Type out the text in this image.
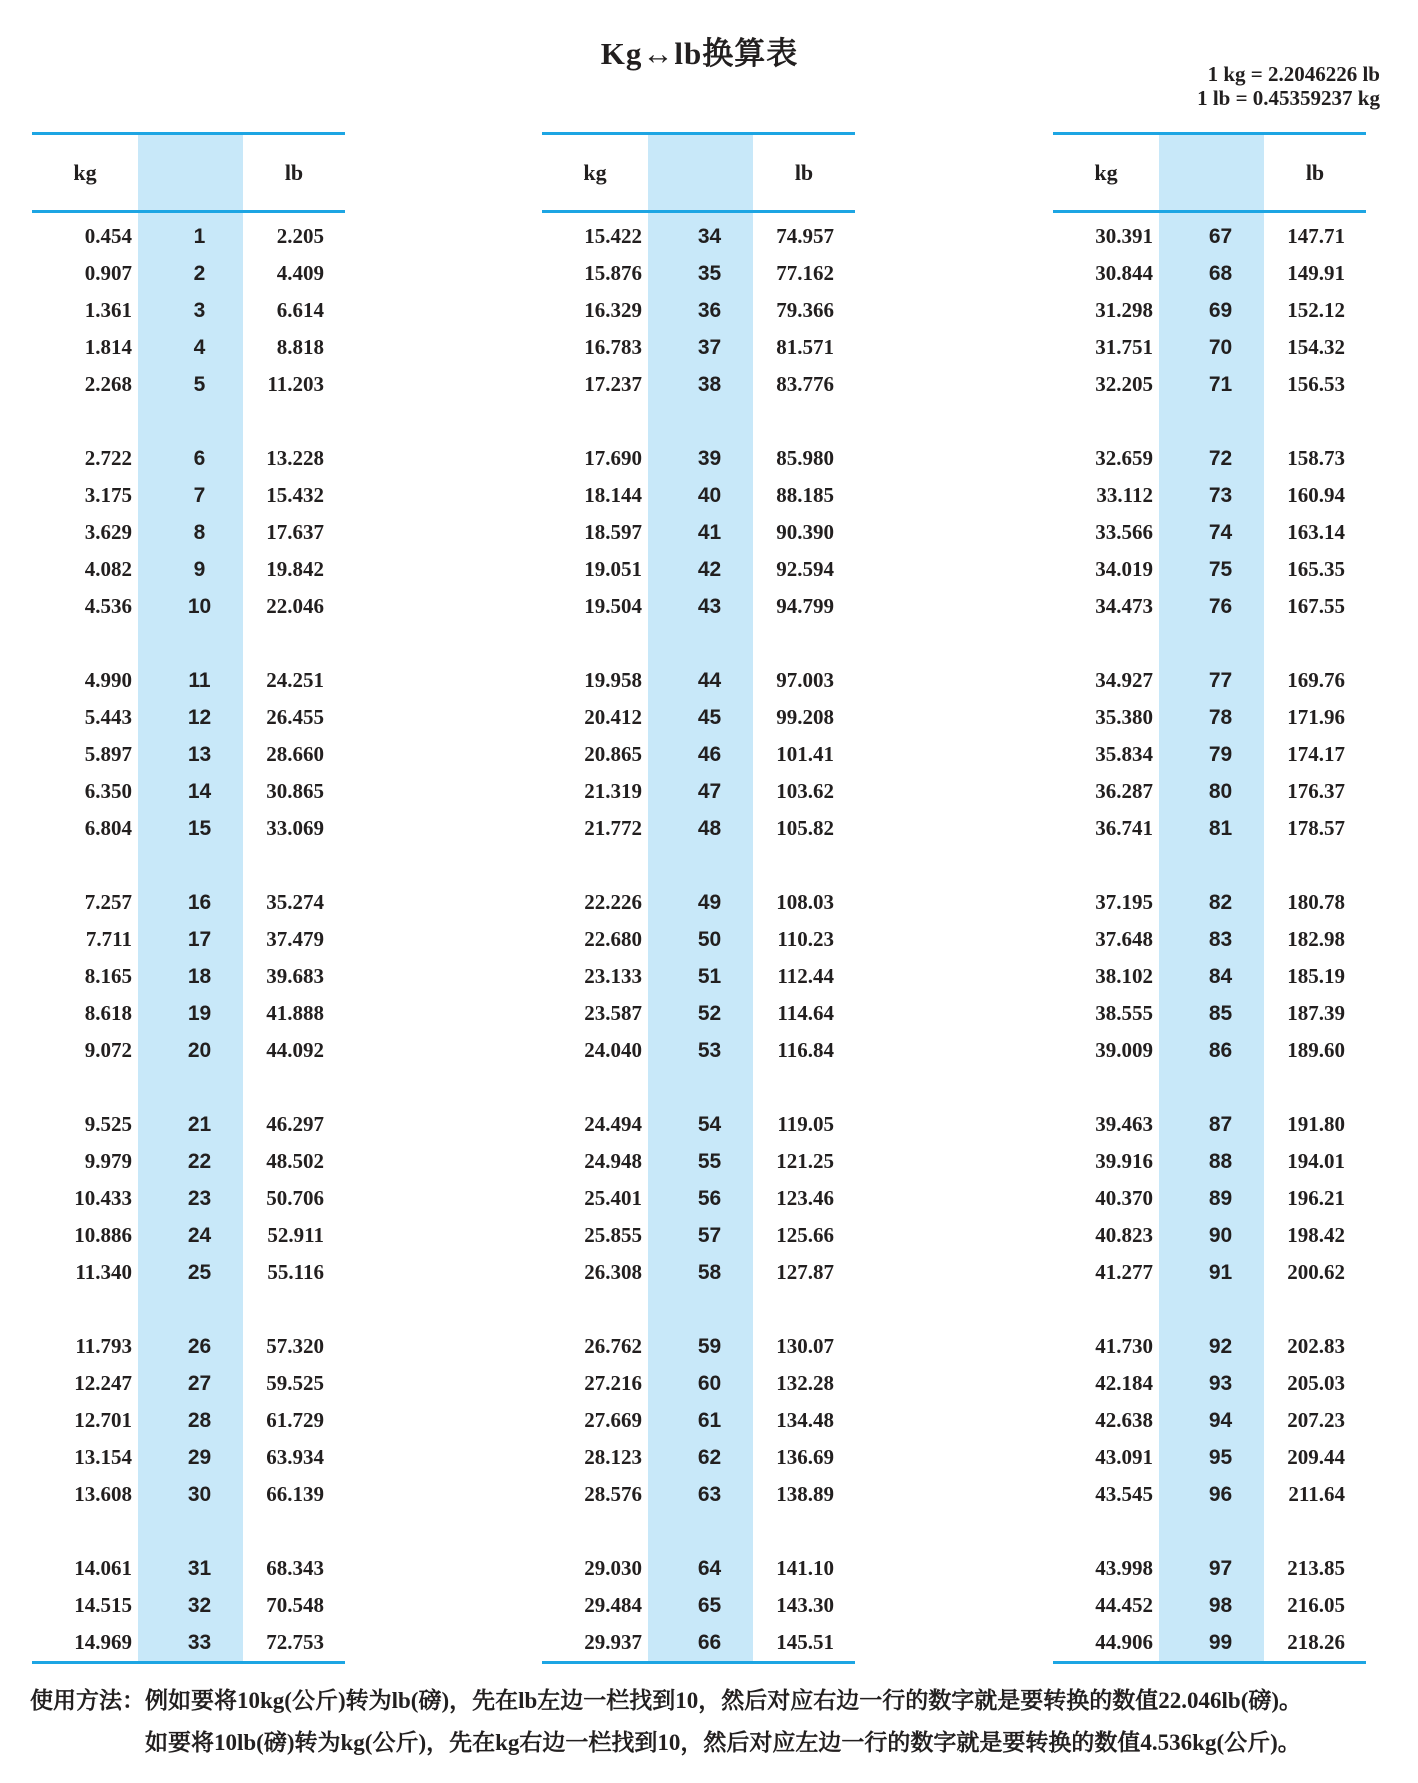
Kg↔lb换算表
1 kg = 2.2046226 lb
1 lb = 0.45359237 kg
kg	lb
0.454	1	2.205
0.907	2	4.409
1.361	3	6.614
1.814	4	8.818
2.268	5	11.203
2.722	6	13.228
3.175	7	15.432
3.629	8	17.637
4.082	9	19.842
4.536	10	22.046
4.990	11	24.251
5.443	12	26.455
5.897	13	28.660
6.350	14	30.865
6.804	15	33.069
7.257	16	35.274
7.711	17	37.479
8.165	18	39.683
8.618	19	41.888
9.072	20	44.092
9.525	21	46.297
9.979	22	48.502
10.433	23	50.706
10.886	24	52.911
11.340	25	55.116
11.793	26	57.320
12.247	27	59.525
12.701	28	61.729
13.154	29	63.934
13.608	30	66.139
14.061	31	68.343
14.515	32	70.548
14.969	33	72.753
kg	lb
15.422	34	74.957
15.876	35	77.162
16.329	36	79.366
16.783	37	81.571
17.237	38	83.776
17.690	39	85.980
18.144	40	88.185
18.597	41	90.390
19.051	42	92.594
19.504	43	94.799
19.958	44	97.003
20.412	45	99.208
20.865	46	101.41
21.319	47	103.62
21.772	48	105.82
22.226	49	108.03
22.680	50	110.23
23.133	51	112.44
23.587	52	114.64
24.040	53	116.84
24.494	54	119.05
24.948	55	121.25
25.401	56	123.46
25.855	57	125.66
26.308	58	127.87
26.762	59	130.07
27.216	60	132.28
27.669	61	134.48
28.123	62	136.69
28.576	63	138.89
29.030	64	141.10
29.484	65	143.30
29.937	66	145.51
kg	lb
30.391	67	147.71
30.844	68	149.91
31.298	69	152.12
31.751	70	154.32
32.205	71	156.53
32.659	72	158.73
33.112	73	160.94
33.566	74	163.14
34.019	75	165.35
34.473	76	167.55
34.927	77	169.76
35.380	78	171.96
35.834	79	174.17
36.287	80	176.37
36.741	81	178.57
37.195	82	180.78
37.648	83	182.98
38.102	84	185.19
38.555	85	187.39
39.009	86	189.60
39.463	87	191.80
39.916	88	194.01
40.370	89	196.21
40.823	90	198.42
41.277	91	200.62
41.730	92	202.83
42.184	93	205.03
42.638	94	207.23
43.091	95	209.44
43.545	96	211.64
43.998	97	213.85
44.452	98	216.05
44.906	99	218.26
使用方法： 例如要将10kg(公斤)转为lb(磅)，先在lb左边一栏找到10，然后对应右边一行的数字就是要转换的数值22.046lb(磅)。
如要将10lb(磅)转为kg(公斤)，先在kg右边一栏找到10，然后对应左边一行的数字就是要转换的数值4.536kg(公斤)。
